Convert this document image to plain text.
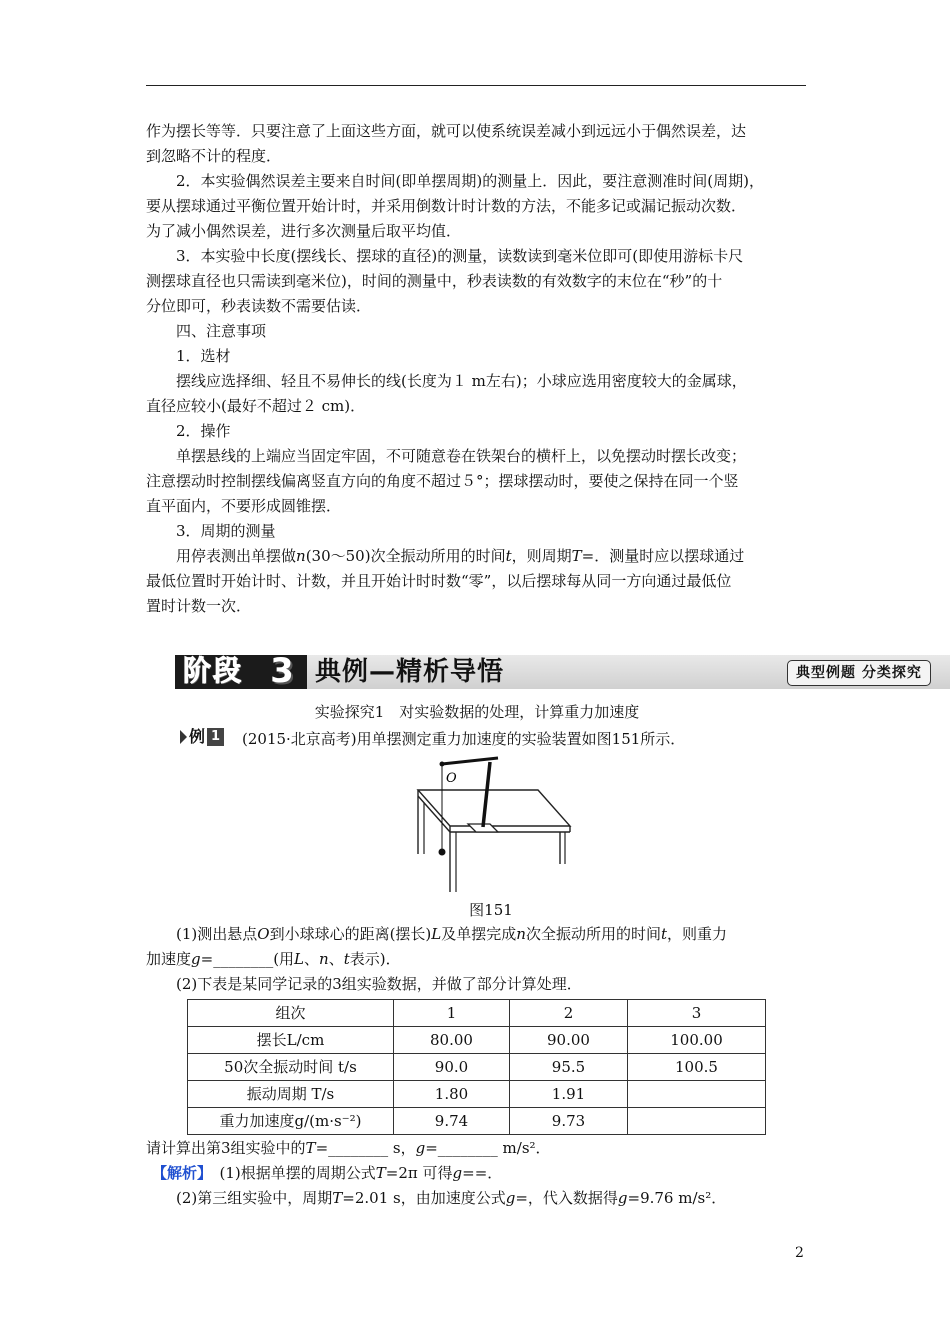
作为摆长等等．只要注意了上面这些方面，就可以使系统误差减小到远远小于偶然误差，达
到忽略不计的程度．
2．本实验偶然误差主要来自时间(即单摆周期)的测量上．因此，要注意测准时间(周期)，
要从摆球通过平衡位置开始计时，并采用倒数计时计数的方法，不能多记或漏记振动次数．
为了减小偶然误差，进行多次测量后取平均值．
3．本实验中长度(摆线长、摆球的直径)的测量，读数读到毫米位即可(即使用游标卡尺
测摆球直径也只需读到毫米位)，时间的测量中，秒表读数的有效数字的末位在“秒”的十
分位即可，秒表读数不需要估读．
四、注意事项
1．选材
摆线应选择细、轻且不易伸长的线(长度为１ m左右)；小球应选用密度较大的金属球，
直径应较小(最好不超过２ cm)．
2．操作
单摆悬线的上端应当固定牢固，不可随意卷在铁架台的横杆上，以免摆动时摆长改变；
注意摆动时控制摆线偏离竖直方向的角度不超过５°；摆球摆动时，要使之保持在同一个竖
直平面内，不要形成圆锥摆．
3．周期的测量
用停表测出单摆做n(30～50)次全振动所用的时间t，则周期T=．测量时应以摆球通过
最低位置时开始计时、计数，并且开始计时时数“零”，以后摆球每从同一方向通过最低位
置时计数一次．
阶段 3 典例—精析导悟	典型例题 分类探究
实验探究1　对实验数据的处理，计算重力加速度
例 1 (2015·北京高考)用单摆测定重力加速度的实验装置如图151所示．
O
图151
(1)测出悬点O到小球球心的距离(摆长)L及单摆完成n次全振动所用的时间t，则重力
加速度g=________(用L、n、t表示)．
(2)下表是某同学记录的3组实验数据，并做了部分计算处理．
组次	1	2	3
摆长L/cm	80.00	90.00	100.00
50次全振动时间 t/s	90.0	95.5	100.5
振动周期 T/s	1.80	1.91	
重力加速度g/(m·s⁻²)	9.74	9.73	
请计算出第3组实验中的T=________ s，g=________ m/s²．
【解析】　(1)根据单摆的周期公式T=2π 可得g==．
(2)第三组实验中，周期T=2.01 s，由加速度公式g=，代入数据得g=9.76 m/s²．
2
